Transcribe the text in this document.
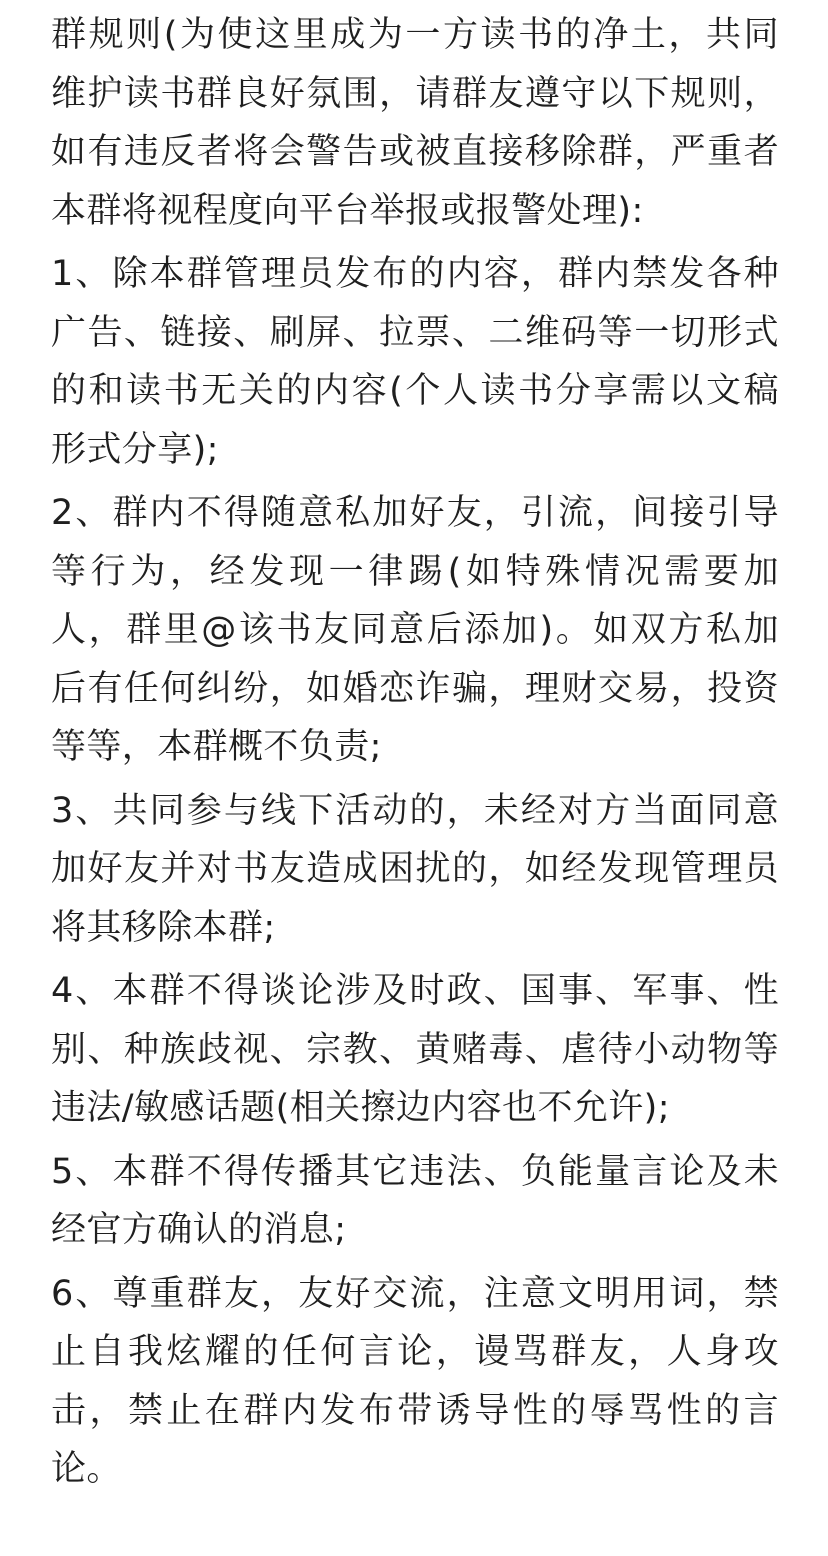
群规则(为使这里成为一方读书的净土，共同
维护读书群良好氛围，请群友遵守以下规则，
如有违反者将会警告或被直接移除群，严重者
本群将视程度向平台举报或报警处理):

1、除本群管理员发布的内容，群内禁发各种
广告、链接、刷屏、拉票、二维码等一切形式
的和读书无关的内容(个人读书分享需以文稿
形式分享);

2、群内不得随意私加好友，引流，间接引导
等行为，经发现一律踢(如特殊情况需要加
人，群里@该书友同意后添加)。如双方私加
后有任何纠纷，如婚恋诈骗，理财交易，投资
等等，本群概不负责;

3、共同参与线下活动的，未经对方当面同意
加好友并对书友造成困扰的，如经发现管理员
将其移除本群;

4、本群不得谈论涉及时政、国事、军事、性
别、种族歧视、宗教、黄赌毒、虐待小动物等
违法/敏感话题(相关擦边内容也不允许);

5、本群不得传播其它违法、负能量言论及未
经官方确认的消息;

6、尊重群友，友好交流，注意文明用词，禁
止自我炫耀的任何言论，谩骂群友，人身攻
击，禁止在群内发布带诱导性的辱骂性的言
论。
